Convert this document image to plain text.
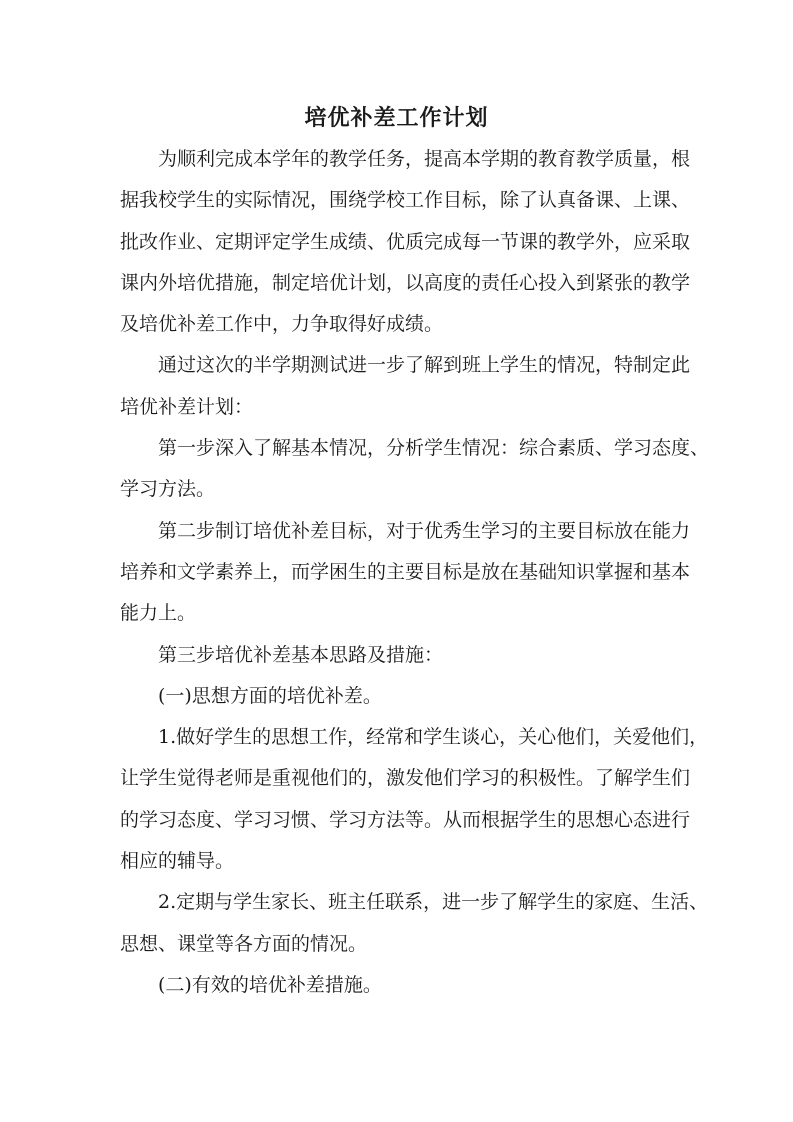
培优补差工作计划
为顺利完成本学年的教学任务，提高本学期的教育教学质量，根
据我校学生的实际情况，围绕学校工作目标，除了认真备课、上课、
批改作业、定期评定学生成绩、优质完成每一节课的教学外，应采取
课内外培优措施，制定培优计划，以高度的责任心投入到紧张的教学
及培优补差工作中，力争取得好成绩。
通过这次的半学期测试进一步了解到班上学生的情况，特制定此
培优补差计划：
第一步深入了解基本情况，分析学生情况：综合素质、学习态度、
学习方法。
第二步制订培优补差目标，对于优秀生学习的主要目标放在能力
培养和文学素养上，而学困生的主要目标是放在基础知识掌握和基本
能力上。
第三步培优补差基本思路及措施：
(一)思想方面的培优补差。
1.做好学生的思想工作，经常和学生谈心，关心他们，关爱他们，
让学生觉得老师是重视他们的，激发他们学习的积极性。了解学生们
的学习态度、学习习惯、学习方法等。从而根据学生的思想心态进行
相应的辅导。
2.定期与学生家长、班主任联系，进一步了解学生的家庭、生活、
思想、课堂等各方面的情况。
(二)有效的培优补差措施。
